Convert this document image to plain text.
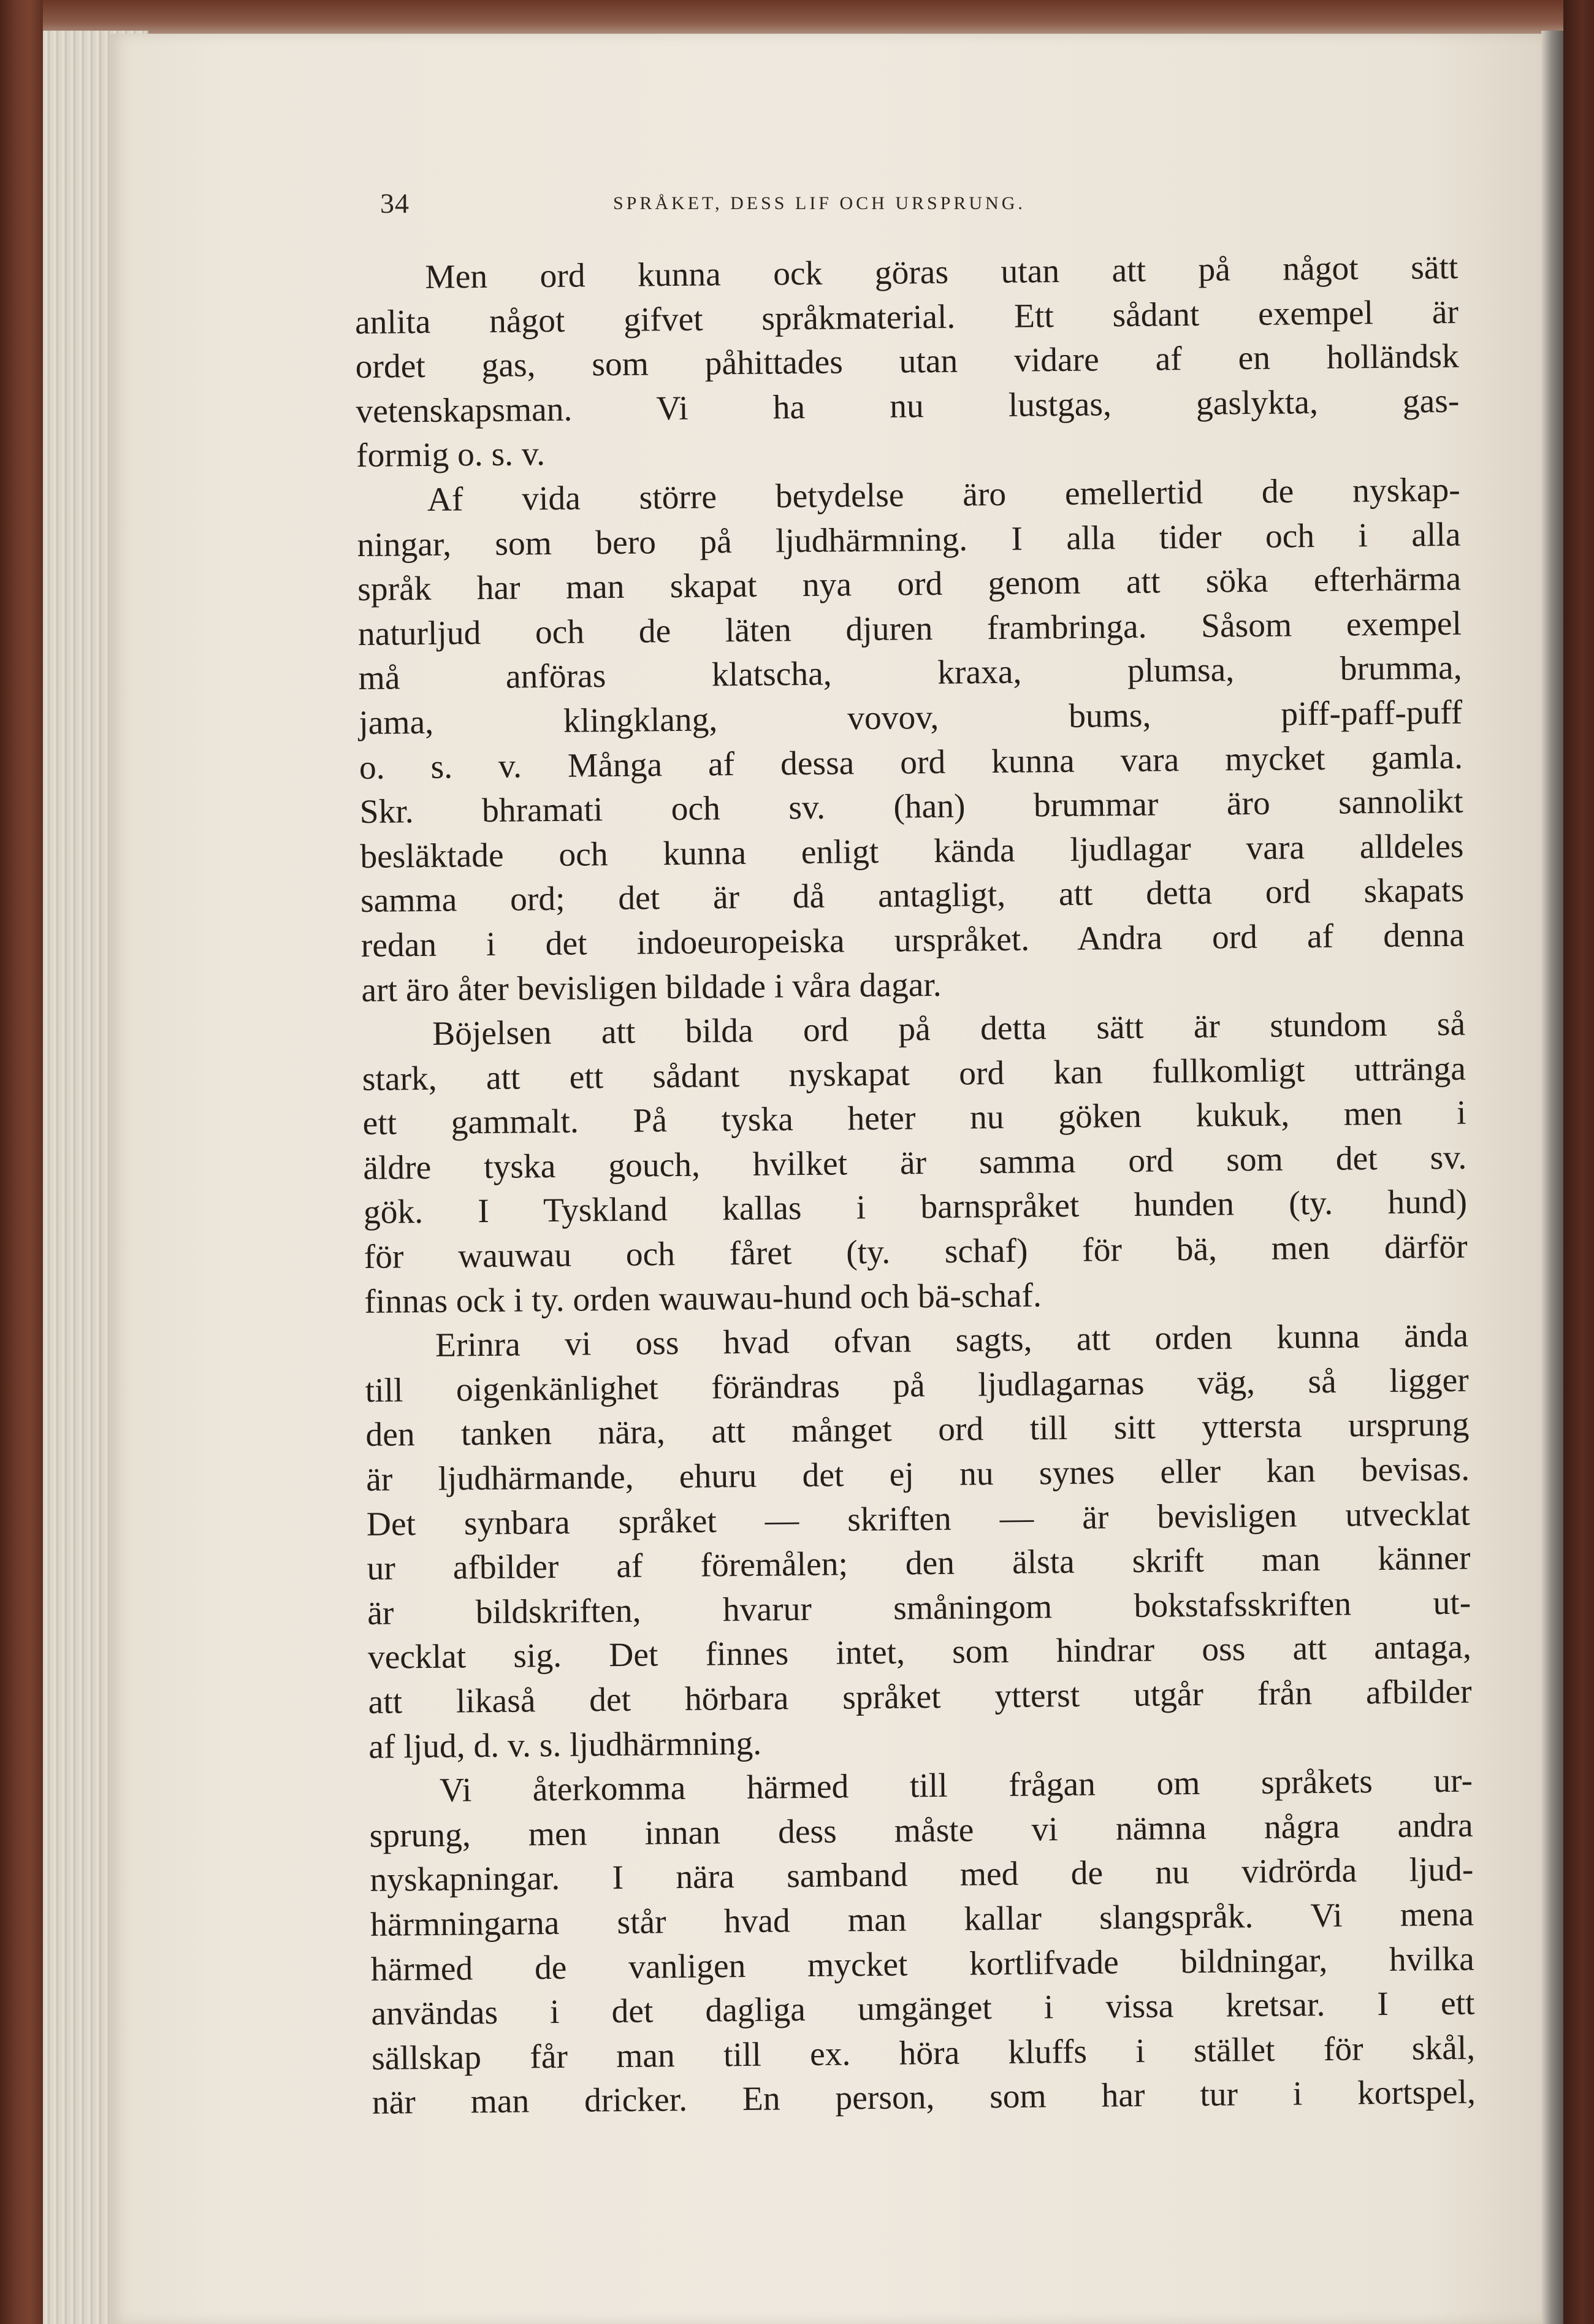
34	SPRÅKET, DESS LIF OCH URSPRUNG.
Men ord kunna ock göras utan att på något sätt
anlita något gifvet språkmaterial. Ett sådant exempel är
ordet gas, som påhittades utan vidare af en holländsk
vetenskapsman. Vi ha nu lustgas, gaslykta, gas-
formig o. s. v.
Af vida större betydelse äro emellertid de nyskap-
ningar, som bero på ljudhärmning. I alla tider och i alla
språk har man skapat nya ord genom att söka efterhärma
naturljud och de läten djuren frambringa. Såsom exempel
må anföras klatscha, kraxa, plumsa, brumma,
jama, klingklang, vovov, bums, piff-paff-puff
o. s. v. Många af dessa ord kunna vara mycket gamla.
Skr. bhramati och sv. (han) brummar äro sannolikt
besläktade och kunna enligt kända ljudlagar vara alldeles
samma ord; det är då antagligt, att detta ord skapats
redan i det indoeuropeiska urspråket. Andra ord af denna
art äro åter bevisligen bildade i våra dagar.
Böjelsen att bilda ord på detta sätt är stundom så
stark, att ett sådant nyskapat ord kan fullkomligt uttränga
ett gammalt. På tyska heter nu göken kukuk, men i
äldre tyska gouch, hvilket är samma ord som det sv.
gök. I Tyskland kallas i barnspråket hunden (ty. hund)
för wauwau och fåret (ty. schaf) för bä, men därför
finnas ock i ty. orden wauwau-hund och bä-schaf.
Erinra vi oss hvad ofvan sagts, att orden kunna ända
till oigenkänlighet förändras på ljudlagarnas väg, så ligger
den tanken nära, att månget ord till sitt yttersta ursprung
är ljudhärmande, ehuru det ej nu synes eller kan bevisas.
Det synbara språket — skriften — är bevisligen utvecklat
ur afbilder af föremålen; den älsta skrift man känner
är bildskriften, hvarur småningom bokstafsskriften ut-
vecklat sig. Det finnes intet, som hindrar oss att antaga,
att likaså det hörbara språket ytterst utgår från afbilder
af ljud, d. v. s. ljudhärmning.
Vi återkomma härmed till frågan om språkets ur-
sprung, men innan dess måste vi nämna några andra
nyskapningar. I nära samband med de nu vidrörda ljud-
härmningarna står hvad man kallar slangspråk. Vi mena
härmed de vanligen mycket kortlifvade bildningar, hvilka
användas i det dagliga umgänget i vissa kretsar. I ett
sällskap får man till ex. höra kluffs i stället för skål,
när man dricker. En person, som har tur i kortspel,
